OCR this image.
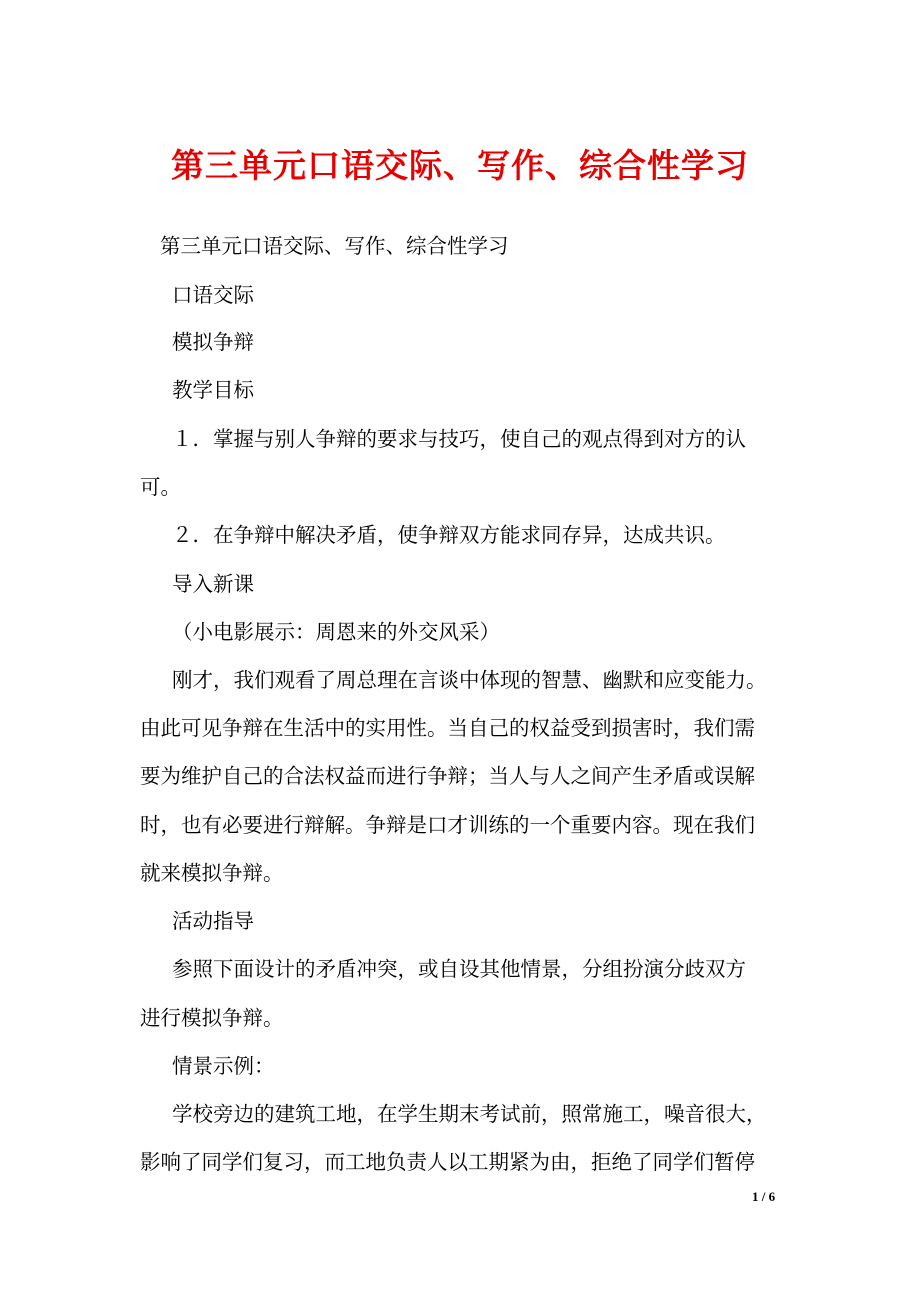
第三单元口语交际、写作、综合性学习
第三单元口语交际、写作、综合性学习
口语交际
模拟争辩
教学目标
１．掌握与别人争辩的要求与技巧，使自己的观点得到对方的认
可。
２．在争辩中解决矛盾，使争辩双方能求同存异，达成共识。
导入新课
（小电影展示：周恩来的外交风采）
刚才，我们观看了周总理在言谈中体现的智慧、幽默和应变能力。
由此可见争辩在生活中的实用性。当自己的权益受到损害时，我们需
要为维护自己的合法权益而进行争辩；当人与人之间产生矛盾或误解
时，也有必要进行辩解。争辩是口才训练的一个重要内容。现在我们
就来模拟争辩。
活动指导
参照下面设计的矛盾冲突，或自设其他情景，分组扮演分歧双方
进行模拟争辩。
情景示例：
学校旁边的建筑工地，在学生期末考试前，照常施工，噪音很大，
影响了同学们复习，而工地负责人以工期紧为由，拒绝了同学们暂停
1 / 6
